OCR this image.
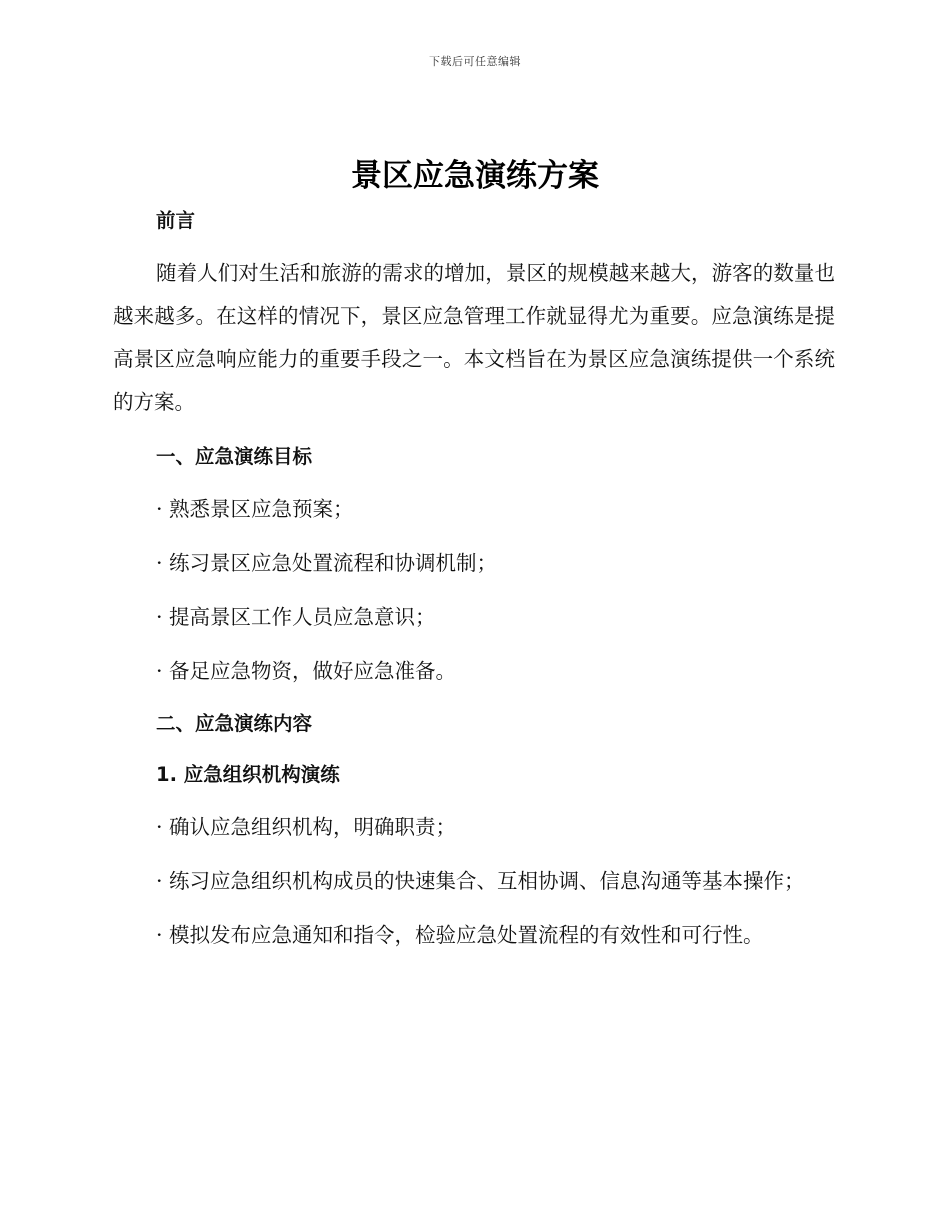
下载后可任意编辑
景区应急演练方案
前言

随着人们对生活和旅游的需求的增加，景区的规模越来越大，游客的数量也越来越多。在这样的情况下，景区应急管理工作就显得尤为重要。应急演练是提高景区应急响应能力的重要手段之一。本文档旨在为景区应急演练提供一个系统的方案。

一、应急演练目标

· 熟悉景区应急预案；

· 练习景区应急处置流程和协调机制；

· 提高景区工作人员应急意识；

· 备足应急物资，做好应急准备。

二、应急演练内容
1. 应急组织机构演练

· 确认应急组织机构，明确职责；

· 练习应急组织机构成员的快速集合、互相协调、信息沟通等基本操作；

· 模拟发布应急通知和指令，检验应急处置流程的有效性和可行性。
